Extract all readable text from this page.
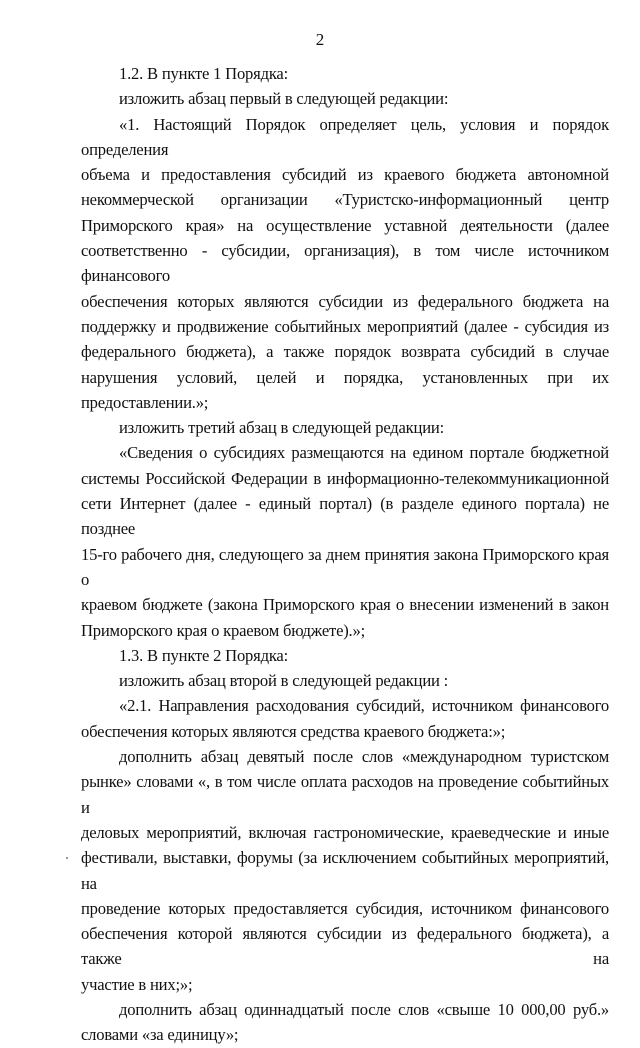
2

1.2. В пункте 1 Порядка:

изложить абзац первый в следующей редакции:

«1. Настоящий Порядок определяет цель, условия и порядок определения
объема и предоставления субсидий из краевого бюджета автономной
некоммерческой организации «Туристско-информационный центр
Приморского края» на осуществление уставной деятельности (далее
соответственно - субсидии, организация), в том числе источником финансового
обеспечения которых являются субсидии из федерального бюджета на
поддержку и продвижение событийных мероприятий (далее - субсидия из
федерального бюджета), а также порядок возврата субсидий в случае
нарушения условий, целей и порядка, установленных при их предоставлении.»;

изложить третий абзац в следующей редакции:

«Сведения о субсидиях размещаются на едином портале бюджетной
системы Российской Федерации в информационно-телекоммуникационной
сети Интернет (далее - единый портал) (в разделе единого портала) не позднее
15-го рабочего дня, следующего за днем принятия закона Приморского края о
краевом бюджете (закона Приморского края о внесении изменений в закон
Приморского края о краевом бюджете).»;

1.3. В пункте 2 Порядка:

изложить абзац второй в следующей редакции :

«2.1. Направления расходования субсидий, источником финансового
обеспечения которых являются средства краевого бюджета:»;

дополнить абзац девятый после слов «международном туристском
рынке» словами «, в том числе оплата расходов на проведение событийных и
деловых мероприятий, включая гастрономические, краеведческие и иные
фестивали, выставки, форумы (за исключением событийных мероприятий, на
проведение которых предоставляется субсидия, источником финансового
обеспечения которой являются субсидии из федерального бюджета), а также на
участие в них;»;

дополнить абзац одиннадцатый после слов «свыше 10 000,00 руб.»
словами «за единицу»;
